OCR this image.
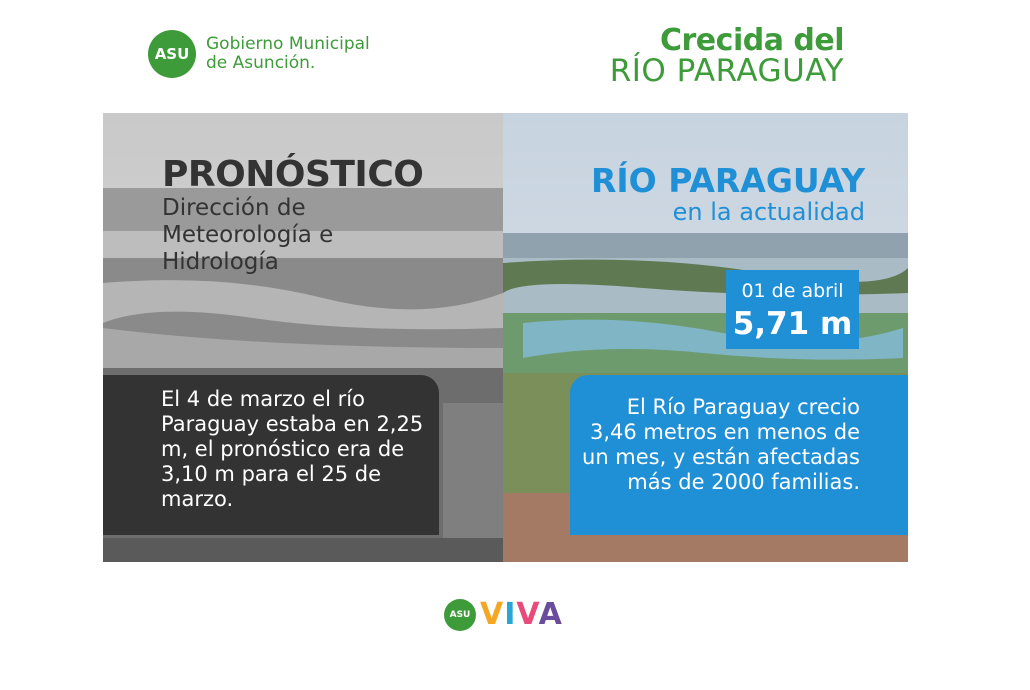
ASU Gobierno Municipal
de Asunción.
Crecida del
RÍO PARAGUAY
PRONÓSTICO
Dirección de
Meteorología e
Hidrología
RÍO PARAGUAY
en la actualidad
01 de abril
5,71 m
El 4 de marzo el río Paraguay estaba en 2,25 m, el pronóstico era de 3,10 m para el 25 de marzo.
El Río Paraguay crecio 3,46 metros en menos de un mes, y están afectadas más de 2000 familias.
ASU VIVA
